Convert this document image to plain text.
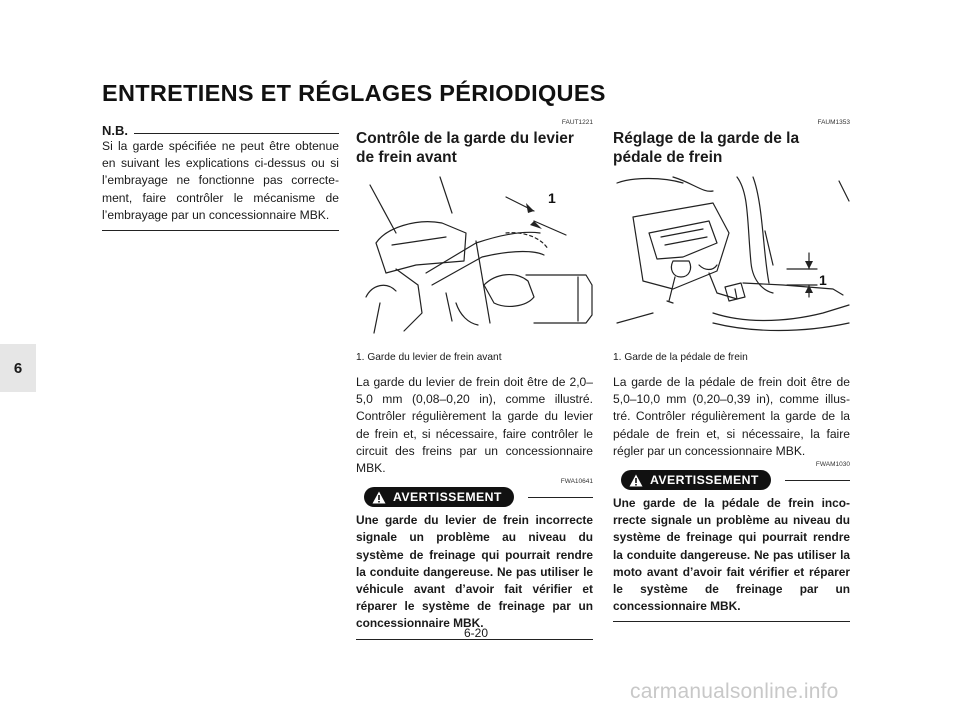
ENTRETIENS ET RÉGLAGES PÉRIODIQUES
6
N.B.

Si la garde spécifiée ne peut être obtenue en suivant les explications ci-dessus ou si l’embrayage ne fonctionne pas correcte-ment, faire contrôler le mécanisme de l’embrayage par un concessionnaire MBK.

FAUT1221
Contrôle de la garde du levier de frein avant
1
1. Garde du levier de frein avant

La garde du levier de frein doit être de 2,0–5,0 mm (0,08–0,20 in), comme illustré. Contrôler régulièrement la garde du levier de frein et, si nécessaire, faire contrôler le circuit des freins par un concessionnaire MBK.

FWA10641
AVERTISSEMENT

Une garde du levier de frein incorrecte signale un problème au niveau du système de freinage qui pourrait rendre la conduite dangereuse. Ne pas utiliser le véhicule avant d’avoir fait vérifier et réparer le système de freinage par un concessionnaire MBK.

FAUM1353
Réglage de la garde de la pédale de frein
1
1. Garde de la pédale de frein

La garde de la pédale de frein doit être de 5,0–10,0 mm (0,20–0,39 in), comme illus-tré. Contrôler régulièrement la garde de la pédale de frein et, si nécessaire, la faire régler par un concessionnaire MBK.

FWAM1030
AVERTISSEMENT

Une garde de la pédale de frein inco-rrecte signale un problème au niveau du système de freinage qui pourrait rendre la conduite dangereuse. Ne pas utiliser la moto avant d’avoir fait vérifier et réparer le système de freinage par un concessionnaire MBK.

6-20
carmanualsonline.info
